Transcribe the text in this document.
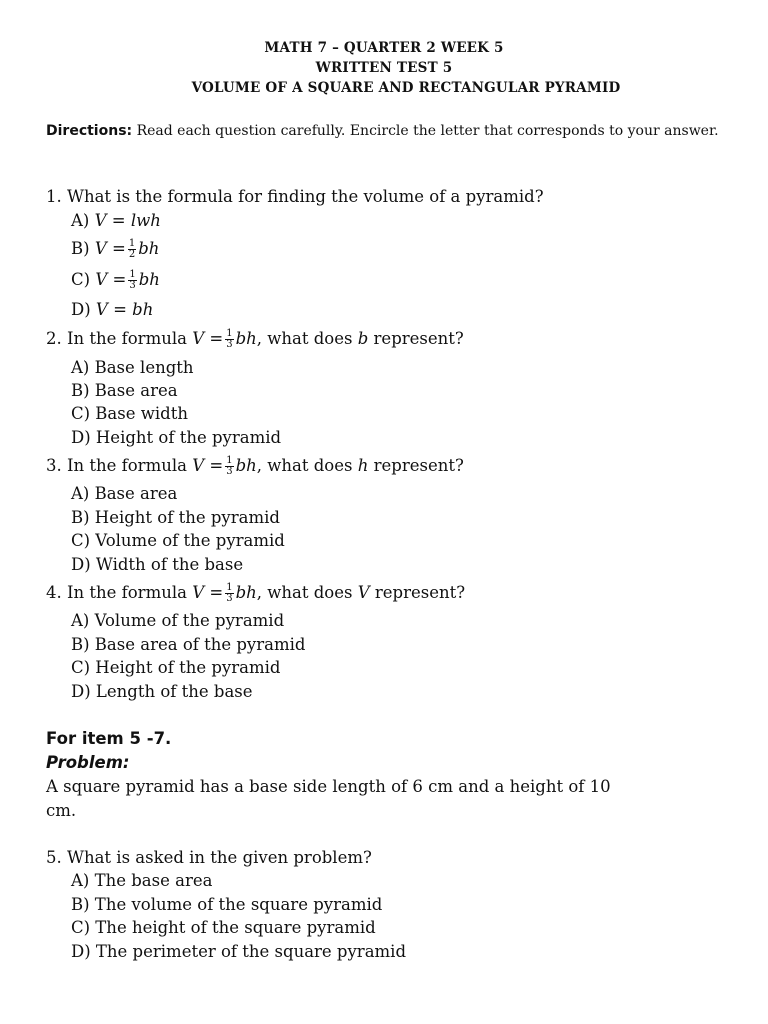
MATH 7 – QUARTER 2 WEEK 5
WRITTEN TEST 5
VOLUME OF A SQUARE AND RECTANGULAR PYRAMID
Directions: Read each question carefully. Encircle the letter that corresponds to your answer.
1. What is the formula for finding the volume of a pyramid?
A) V = lwh
B) $V = \frac{1}{2}$ bh
C) $V = \frac{1}{3}$ bh
D) V = bh
2. In the formula $V = \frac{1}{3}$ bh, what does b represent?
A) Base length
B) Base area
C) Base width
D) Height of the pyramid
3. In the formula $V = \frac{1}{3}$ bh, what does h represent?
A) Base area
B) Height of the pyramid
C) Volume of the pyramid
D) Width of the base
4. In the formula $V = \frac{1}{3}$ bh, what does V represent?
A) Volume of the pyramid
B) Base area of the pyramid
C) Height of the pyramid
D) Length of the base
For item 5 -7.
Problem:
A square pyramid has a base side length of 6 cm and a height of 10
cm.
5. What is asked in the given problem?
A) The base area
B) The volume of the square pyramid
C) The height of the square pyramid
D) The perimeter of the square pyramid
